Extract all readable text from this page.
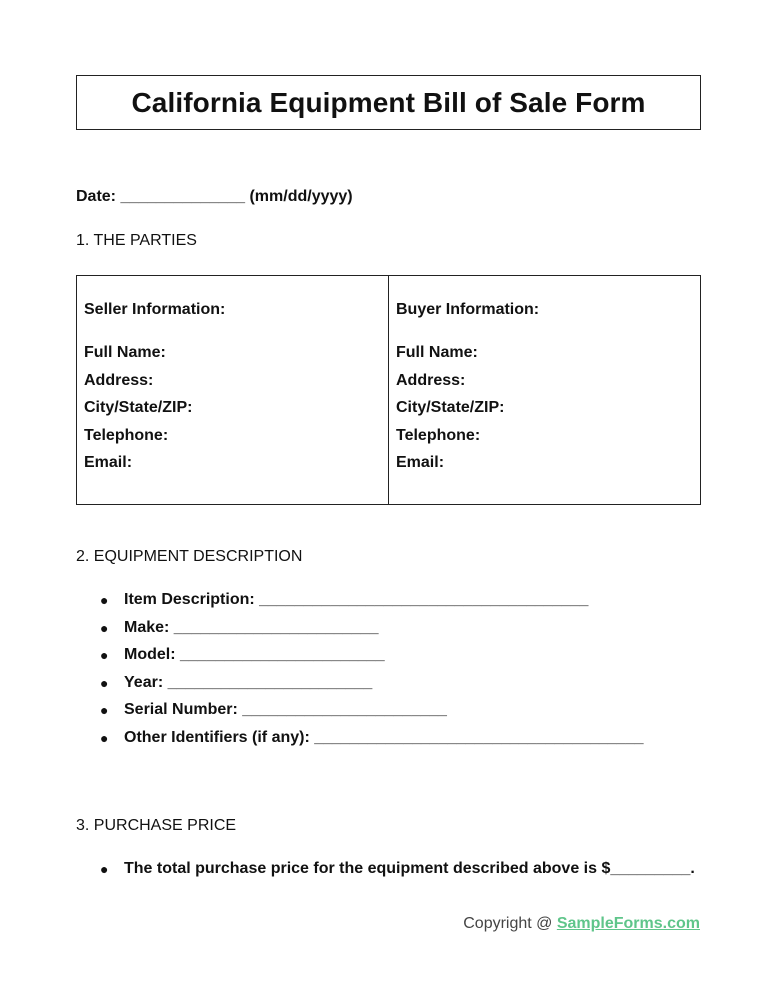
California Equipment Bill of Sale Form
Date: ______________ (mm/dd/yyyy)
1. THE PARTIES
Seller Information:
Full Name:
Address:
City/State/ZIP:
Telephone:
Email:
Buyer Information:
Full Name:
Address:
City/State/ZIP:
Telephone:
Email:
2. EQUIPMENT DESCRIPTION
● Item Description: _____________________________________
● Make: _______________________
● Model: _______________________
● Year: _______________________
● Serial Number: _______________________
● Other Identifiers (if any): _____________________________________
3. PURCHASE PRICE
● The total purchase price for the equipment described above is $_________.
Copyright @ SampleForms.com
